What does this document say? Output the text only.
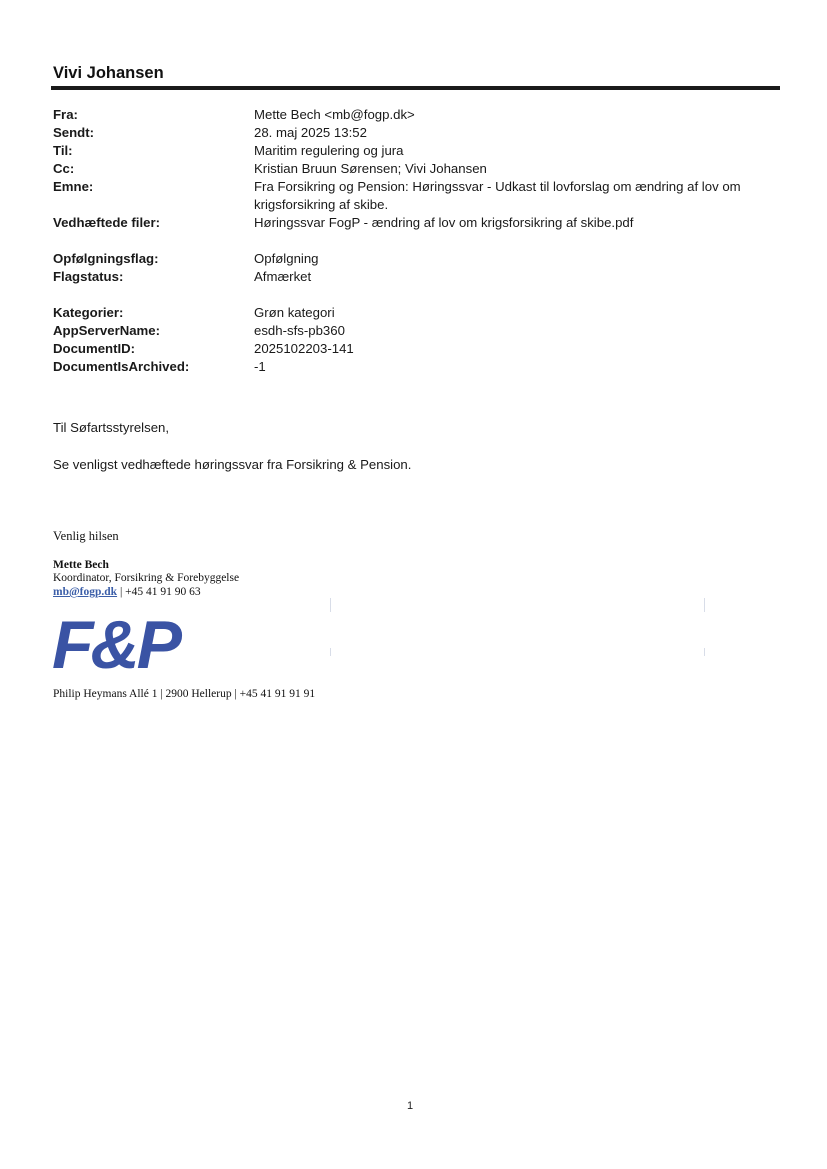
Vivi Johansen
Fra:	Mette Bech <mb@fogp.dk>
Sendt:	28. maj 2025 13:52
Til:	Maritim regulering og jura
Cc:	Kristian Bruun Sørensen; Vivi Johansen
Emne:	Fra Forsikring og Pension: Høringssvar - Udkast til lovforslag om ændring af lov om
krigsforsikring af skibe.
Vedhæftede filer:	Høringssvar FogP - ændring af lov om krigsforsikring af skibe.pdf
Opfølgningsflag:	Opfølgning
Flagstatus:	Afmærket
Kategorier:	Grøn kategori
AppServerName:	esdh-sfs-pb360
DocumentID:	2025102203-141
DocumentIsArchived:	-1
Til Søfartsstyrelsen,
Se venligst vedhæftede høringssvar fra Forsikring & Pension.
Venlig hilsen
Mette Bech
Koordinator, Forsikring & Forebyggelse
mb@fogp.dk | +45 41 91 90 63
F&P
Philip Heymans Allé 1 | 2900 Hellerup | +45 41 91 91 91
1
